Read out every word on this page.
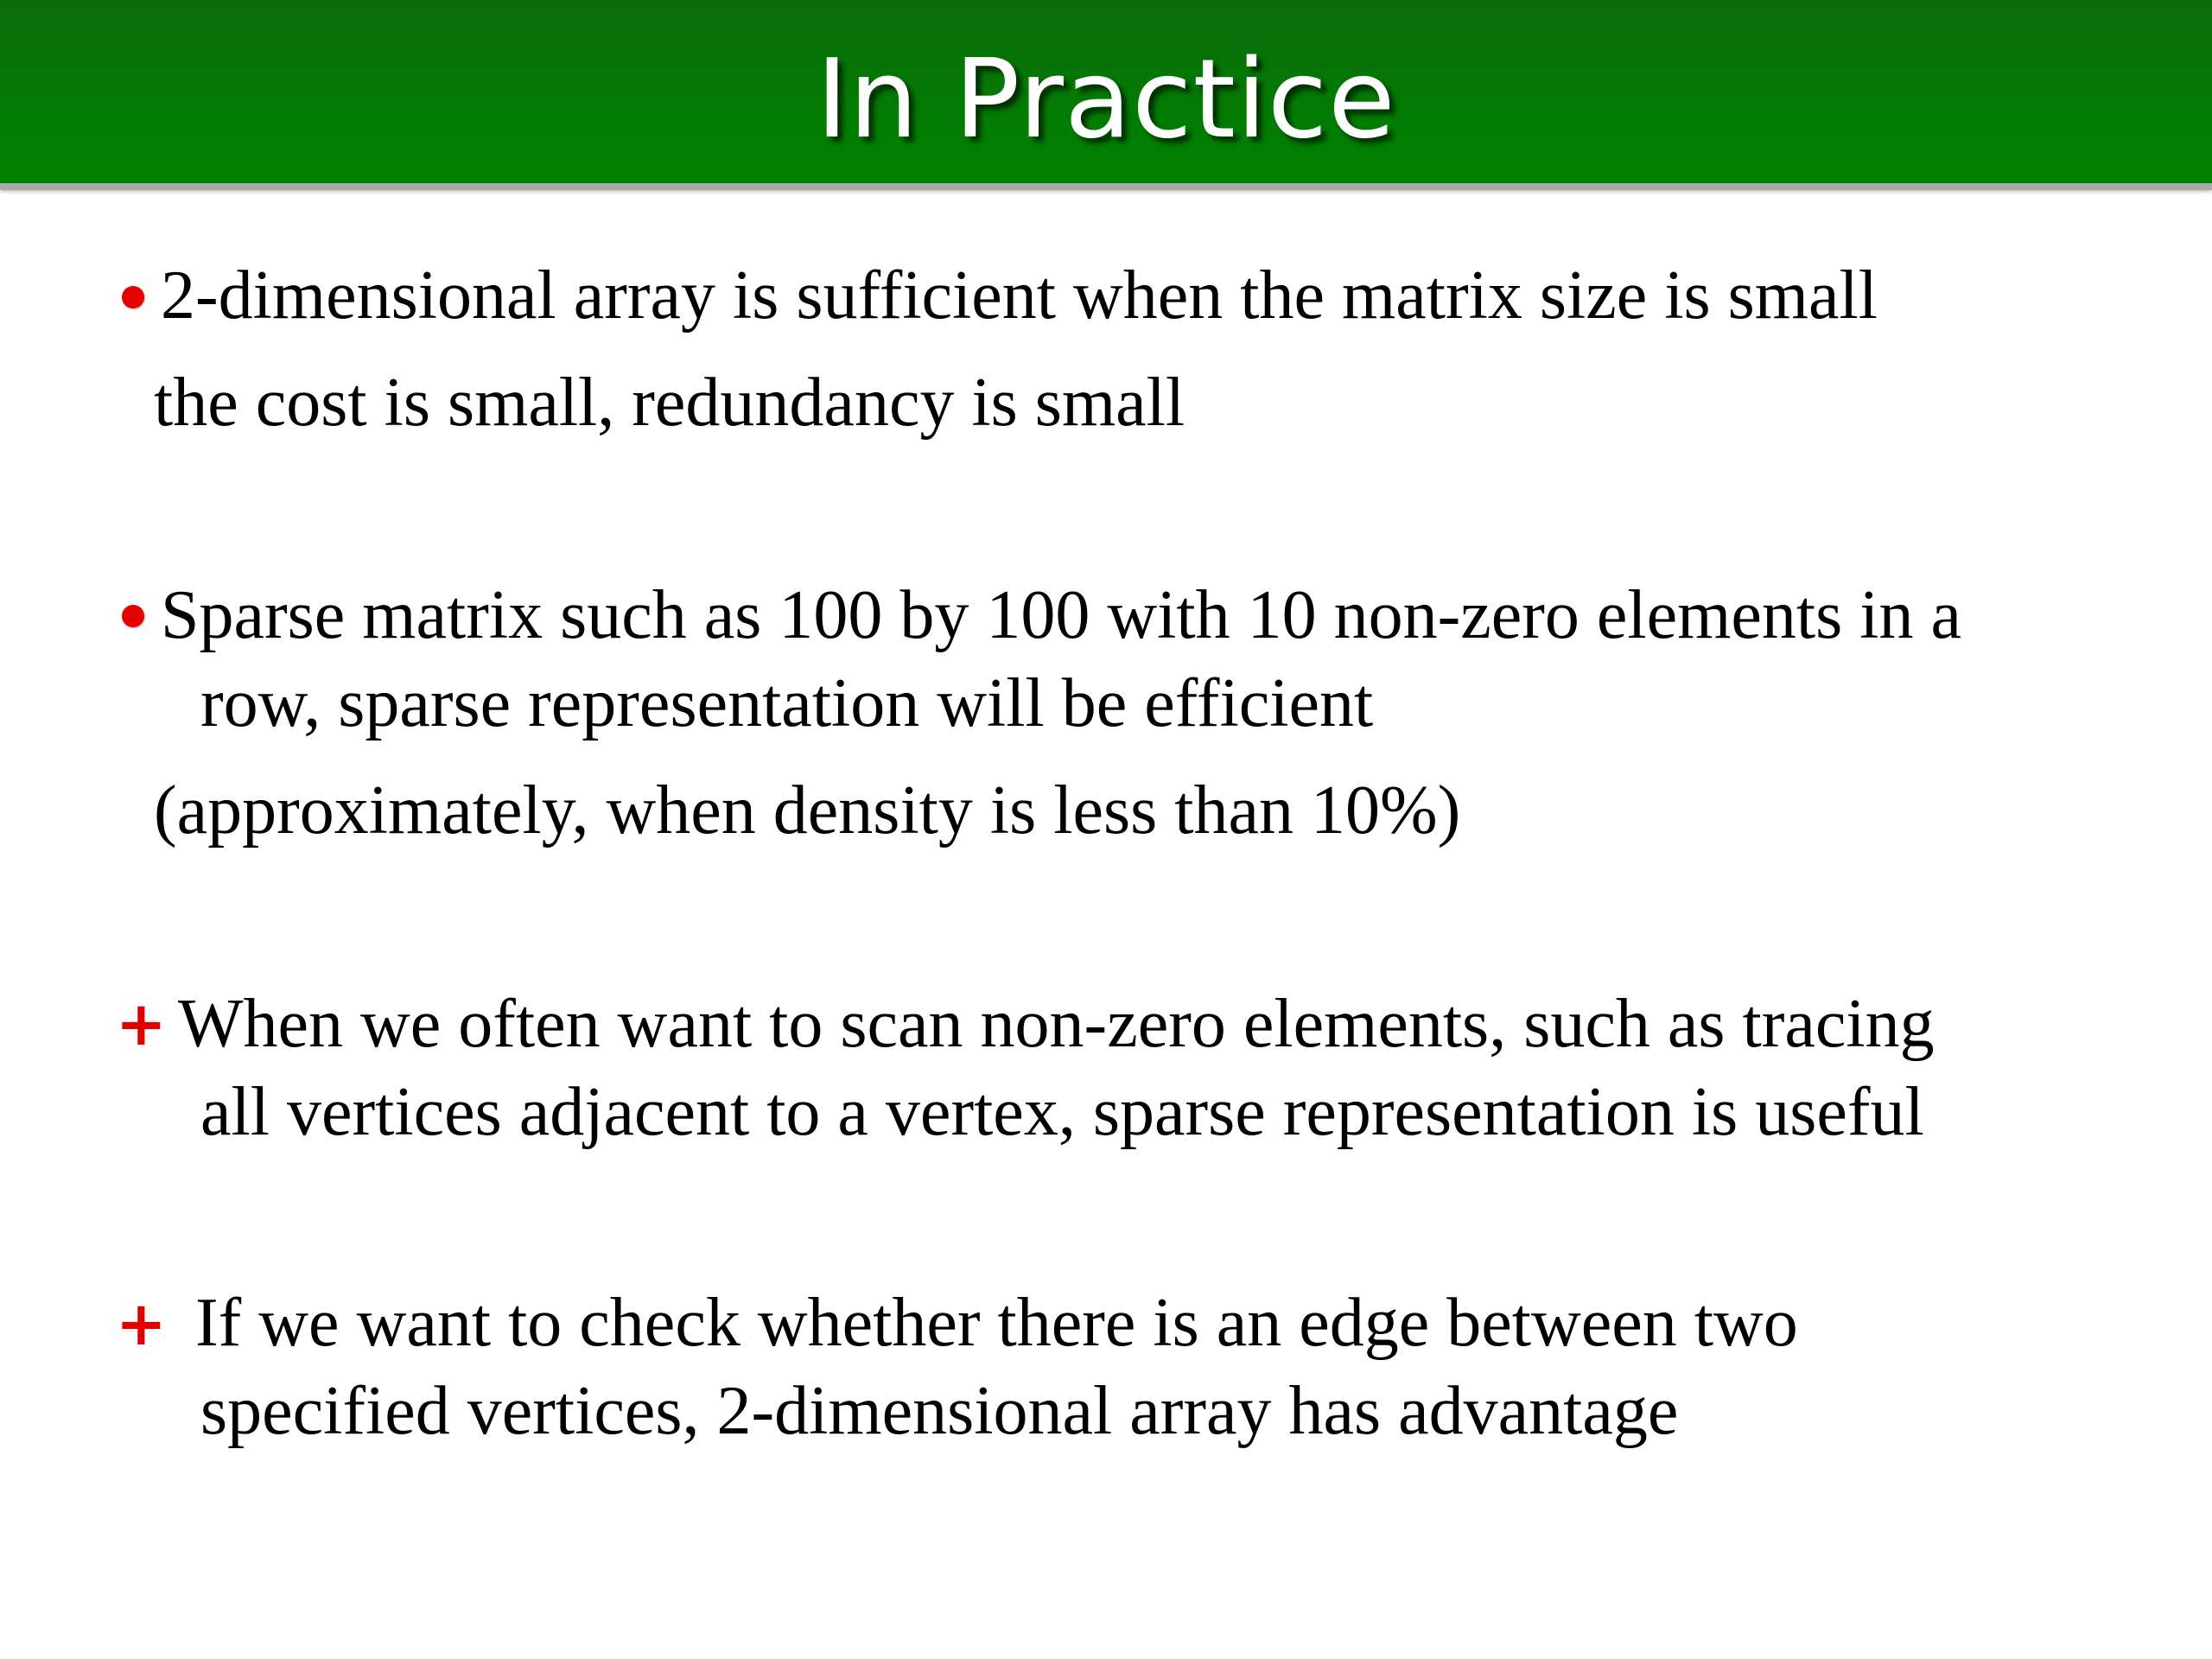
In Practice
2-dimensional array is sufficient when the matrix size is small
the cost is small, redundancy is small
Sparse matrix such as 100 by 100 with 10 non-zero elements in a
row, sparse representation will be efficient
(approximately, when density is less than 10%)
+ When we often want to scan non-zero elements, such as tracing
all vertices adjacent to a vertex, sparse representation is useful
+ If we want to check whether there is an edge between two
specified vertices, 2-dimensional array has advantage
